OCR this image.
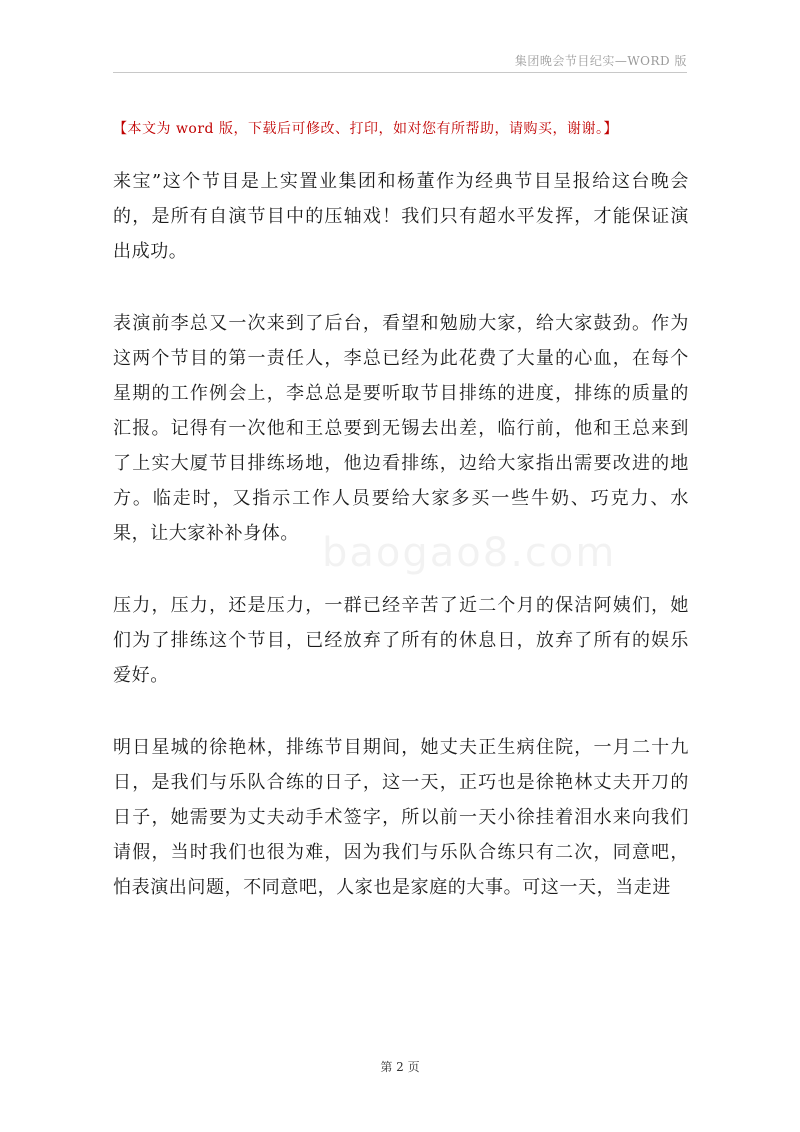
集团晚会节目纪实—WORD 版
【本文为 word 版，下载后可修改、打印，如对您有所帮助，请购买，谢谢。】

来宝”这个节目是上实置业集团和杨董作为经典节目呈报给这台晚会的，是所有自演节目中的压轴戏！我们只有超水平发挥，才能保证演出成功。

表演前李总又一次来到了后台，看望和勉励大家，给大家鼓劲。作为这两个节目的第一责任人，李总已经为此花费了大量的心血，在每个星期的工作例会上，李总总是要听取节目排练的进度，排练的质量的汇报。记得有一次他和王总要到无锡去出差，临行前，他和王总来到了上实大厦节目排练场地，他边看排练，边给大家指出需要改进的地方。临走时，又指示工作人员要给大家多买一些牛奶、巧克力、水果，让大家补补身体。

压力，压力，还是压力，一群已经辛苦了近二个月的保洁阿姨们，她们为了排练这个节目，已经放弃了所有的休息日，放弃了所有的娱乐爱好。

明日星城的徐艳林，排练节目期间，她丈夫正生病住院，一月二十九日，是我们与乐队合练的日子，这一天，正巧也是徐艳林丈夫开刀的日子，她需要为丈夫动手术签字，所以前一天小徐挂着泪水来向我们请假，当时我们也很为难，因为我们与乐队合练只有二次，同意吧，怕表演出问题，不同意吧，人家也是家庭的大事。可这一天，当走进

baogao8.com
第 2 页
